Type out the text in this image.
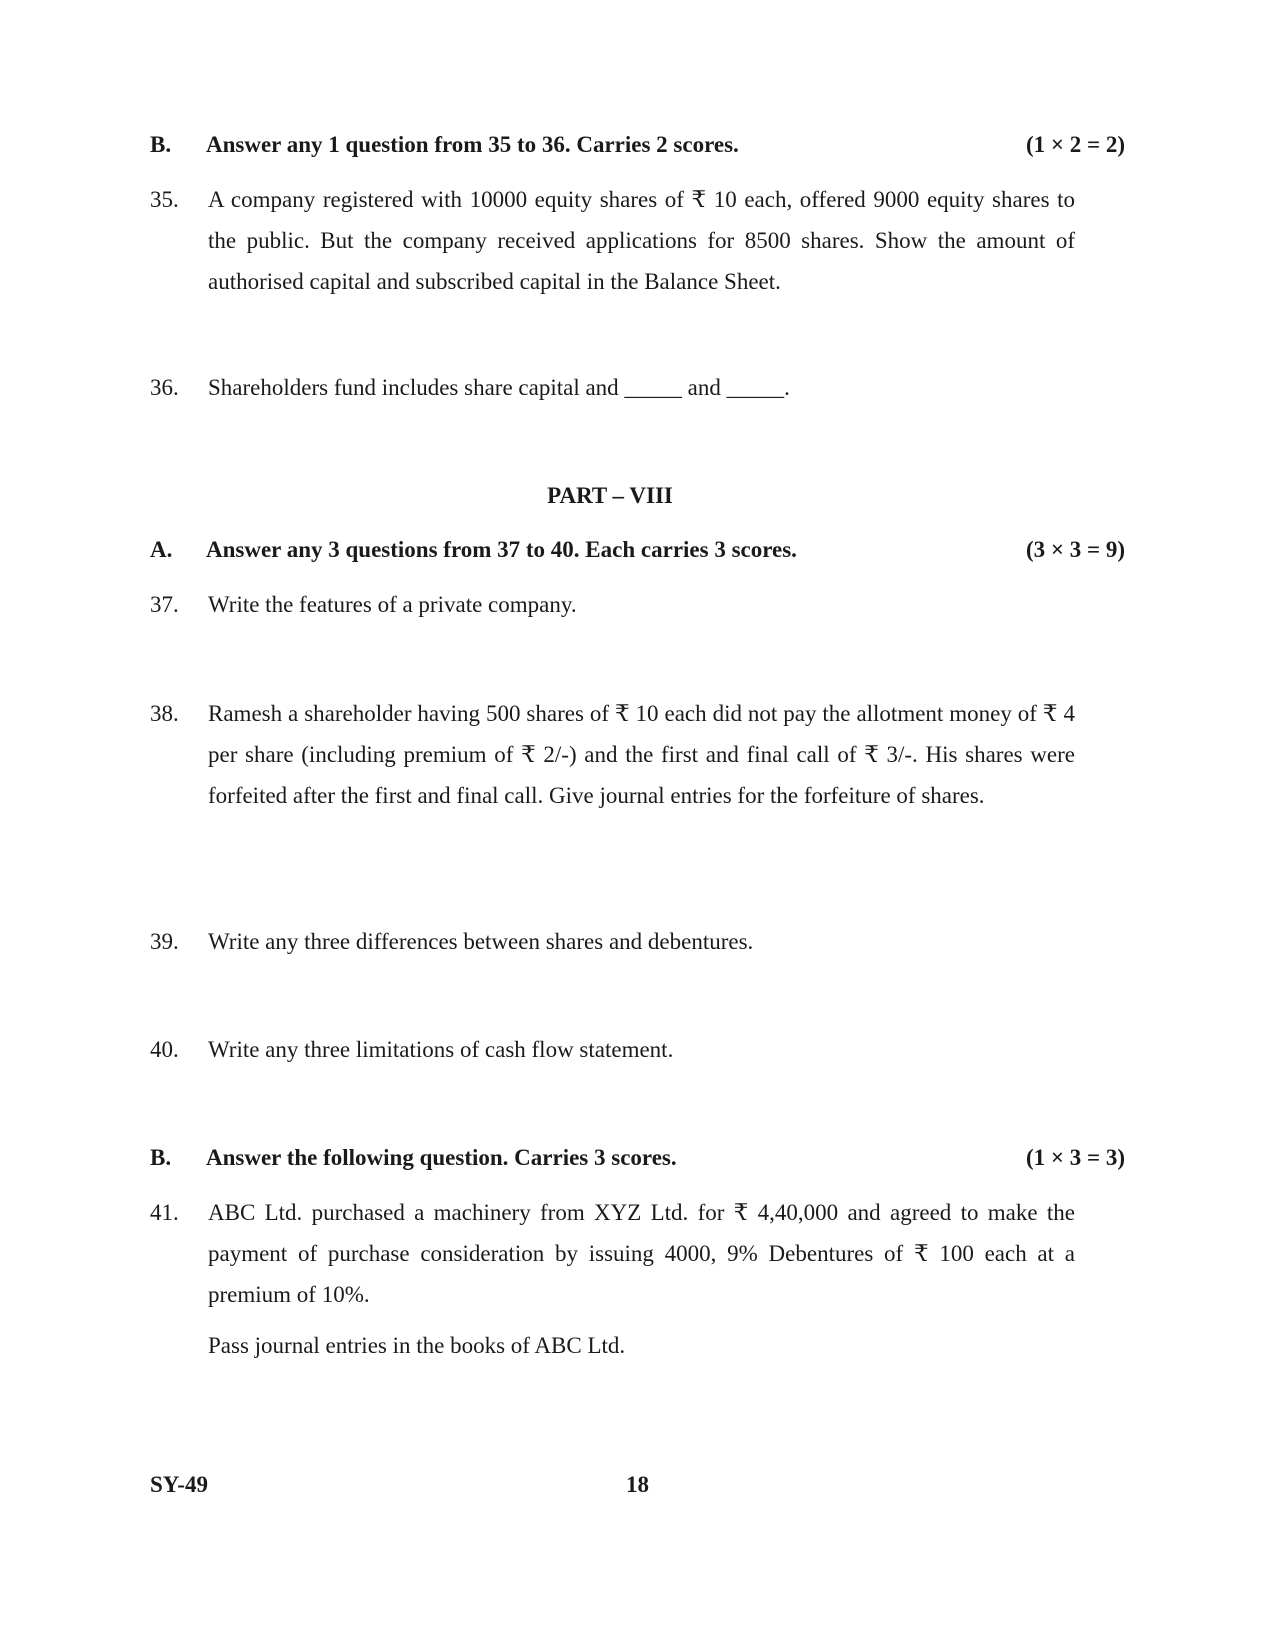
B.	Answer any 1 question from 35 to 36. Carries 2 scores.	(1 × 2 = 2)
35.	A company registered with 10000 equity shares of ₹ 10 each, offered 9000 equity shares to the public. But the company received applications for 8500 shares. Show the amount of authorised capital and subscribed capital in the Balance Sheet.
36.	Shareholders fund includes share capital and _____ and _____.
PART – VIII
A.	Answer any 3 questions from 37 to 40. Each carries 3 scores.	(3 × 3 = 9)
37.	Write the features of a private company.
38.	Ramesh a shareholder having 500 shares of ₹ 10 each did not pay the allotment money of ₹ 4 per share (including premium of ₹ 2/-) and the first and final call of ₹ 3/-. His shares were forfeited after the first and final call. Give journal entries for the forfeiture of shares.
39.	Write any three differences between shares and debentures.
40.	Write any three limitations of cash flow statement.
B.	Answer the following question. Carries 3 scores.	(1 × 3 = 3)
41.	ABC Ltd. purchased a machinery from XYZ Ltd. for ₹ 4,40,000 and agreed to make the payment of purchase consideration by issuing 4000, 9% Debentures of ₹ 100 each at a premium of 10%.
Pass journal entries in the books of ABC Ltd.
SY-49	18
